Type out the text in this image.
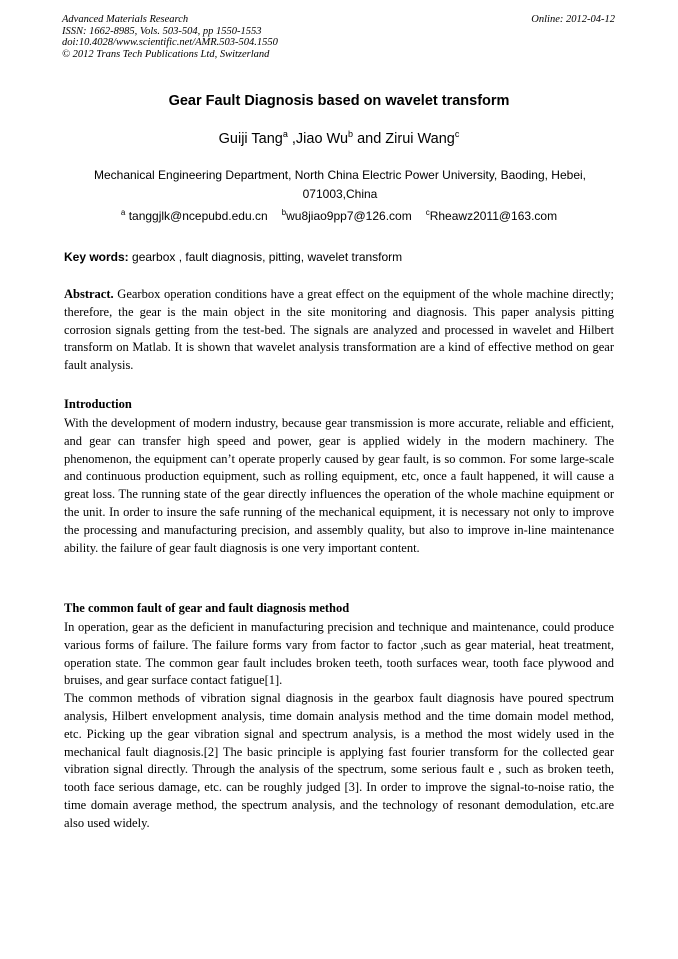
Advanced Materials Research
ISSN: 1662-8985, Vols. 503-504, pp 1550-1553
doi:10.4028/www.scientific.net/AMR.503-504.1550
© 2012 Trans Tech Publications Ltd, Switzerland
Online: 2012-04-12
Gear Fault Diagnosis based on wavelet transform
Guiji Tang$^a$ ,Jiao Wu$^b$ and Zirui Wang$^c$
Mechanical Engineering Department, North China Electric Power University, Baoding, Hebei, 071003,China
$^a$ tanggjlk@ncepubd.edu.cn $^b$wu8jiao9pp7@126.com $^c$Rheawz2011@163.com
Key words: gearbox , fault diagnosis, pitting, wavelet transform

Abstract. Gearbox operation conditions have a great effect on the equipment of the whole machine directly; therefore, the gear is the main object in the site monitoring and diagnosis. This paper analysis pitting corrosion signals getting from the test-bed. The signals are analyzed and processed in wavelet and Hilbert transform on Matlab. It is shown that wavelet analysis transformation are a kind of effective method on gear fault analysis.

Introduction

With the development of modern industry, because gear transmission is more accurate, reliable and efficient, and gear can transfer high speed and power, gear is applied widely in the modern machinery. The phenomenon, the equipment can’t operate properly caused by gear fault, is so common. For some large-scale and continuous production equipment, such as rolling equipment, etc, once a fault happened, it will cause a great loss. The running state of the gear directly influences the operation of the whole machine equipment or the unit. In order to insure the safe running of the mechanical equipment, it is necessary not only to improve the processing and manufacturing precision, and assembly quality, but also to improve in-line maintenance ability. the failure of gear fault diagnosis is one very important content.

The common fault of gear and fault diagnosis method

In operation, gear as the deficient in manufacturing precision and technique and maintenance, could produce various forms of failure. The failure forms vary from factor to factor ,such as gear material, heat treatment, operation state. The common gear fault includes broken teeth, tooth surfaces wear, tooth face plywood and bruises, and gear surface contact fatigue[1].

The common methods of vibration signal diagnosis in the gearbox fault diagnosis have poured spectrum analysis, Hilbert envelopment analysis, time domain analysis method and the time domain model method, etc. Picking up the gear vibration signal and spectrum analysis, is a method the most widely used in the mechanical fault diagnosis.[2] The basic principle is applying fast fourier transform for the collected gear vibration signal directly. Through the analysis of the spectrum, some serious fault e , such as broken teeth, tooth face serious damage, etc. can be roughly judged [3]. In order to improve the signal-to-noise ratio, the time domain average method, the spectrum analysis, and the technology of resonant demodulation, etc.are also used widely.
